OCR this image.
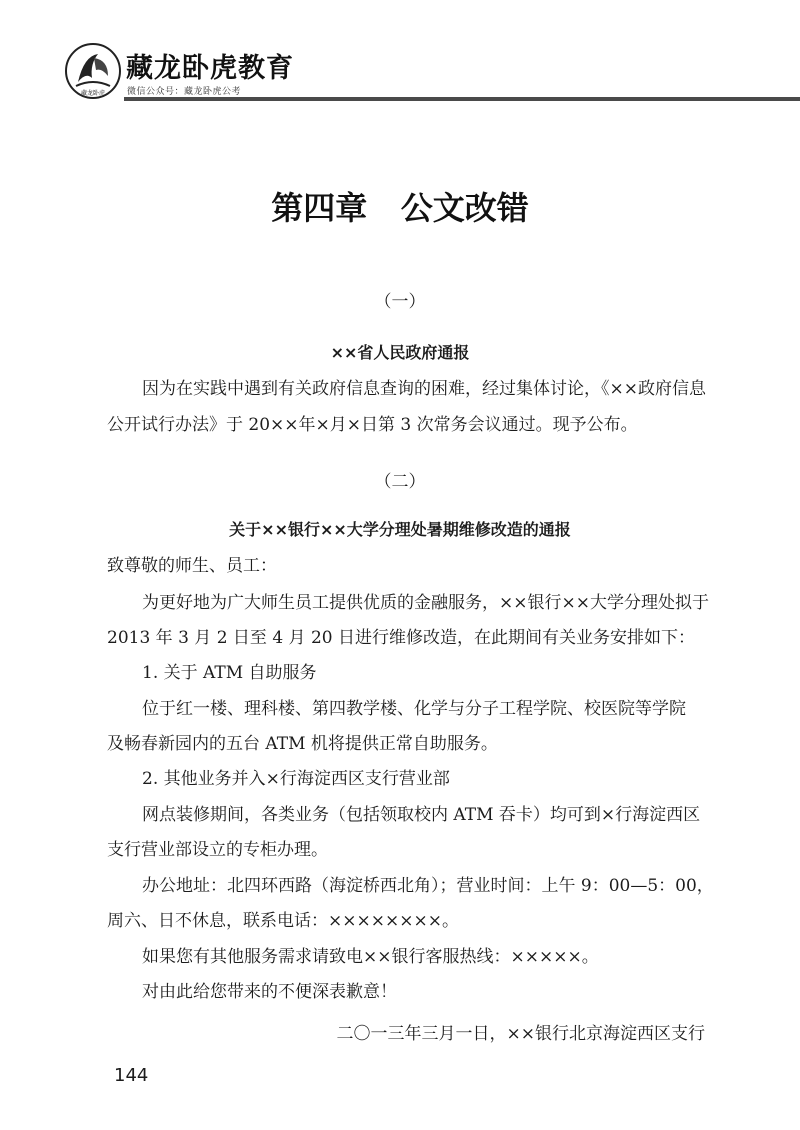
藏龙卧虎
藏龙卧虎教育
微信公众号：藏龙卧虎公考
第四章   公文改错
（一）
××省人民政府通报
因为在实践中遇到有关政府信息查询的困难，经过集体讨论，《××政府信息
公开试行办法》于 20××年×月×日第 3 次常务会议通过。现予公布。
（二）
关于××银行××大学分理处暑期维修改造的通报
致尊敬的师生、员工：
为更好地为广大师生员工提供优质的金融服务，××银行××大学分理处拟于
2013 年 3 月 2 日至 4 月 20 日进行维修改造，在此期间有关业务安排如下：
1. 关于 ATM 自助服务
位于红一楼、理科楼、第四教学楼、化学与分子工程学院、校医院等学院
及畅春新园内的五台 ATM 机将提供正常自助服务。
2. 其他业务并入×行海淀西区支行营业部
网点装修期间，各类业务（包括领取校内 ATM 吞卡）均可到×行海淀西区
支行营业部设立的专柜办理。
办公地址：北四环西路（海淀桥西北角）；营业时间：上午 9：00—5：00，
周六、日不休息，联系电话：××××××××。
如果您有其他服务需求请致电××银行客服热线：×××××。
对由此给您带来的不便深表歉意！
二〇一三年三月一日，××银行北京海淀西区支行
144
